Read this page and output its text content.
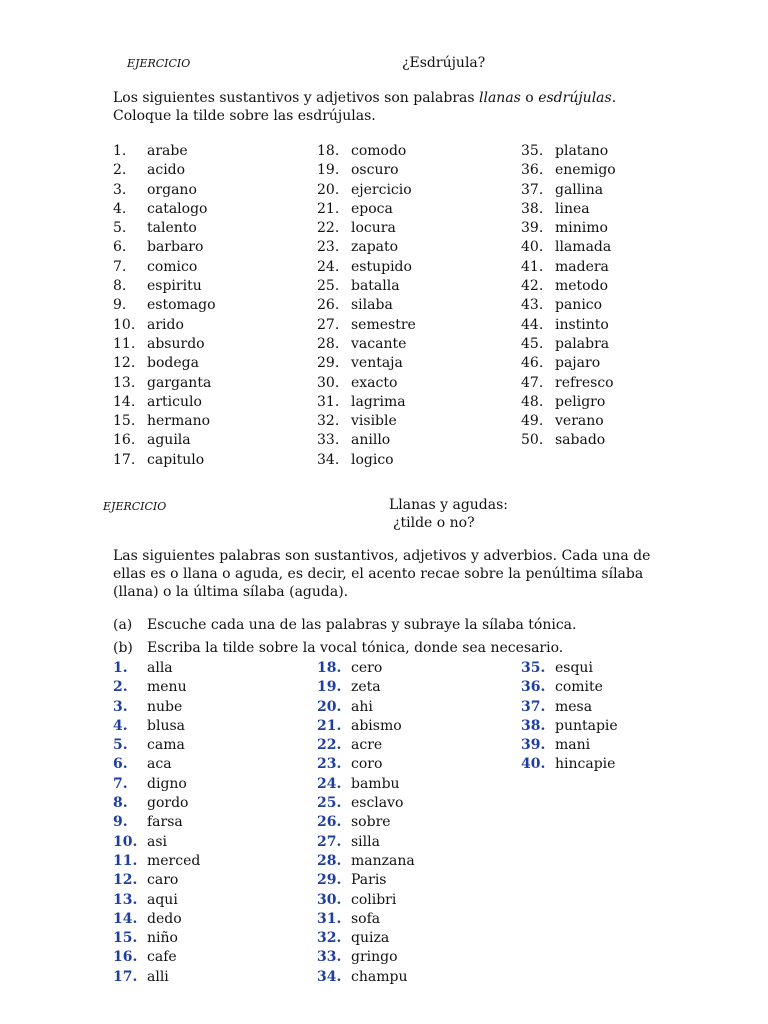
EJERCICIO	¿Esdrújula?
Los siguientes sustantivos y adjetivos son palabras llanas o esdrújulas. Coloque la tilde sobre las esdrújulas.
1. arabe
2. acido
3. organo
4. catalogo
5. talento
6. barbaro
7. comico
8. espiritu
9. estomago
10. arido
11. absurdo
12. bodega
13. garganta
14. articulo
15. hermano
16. aguila
17. capitulo
18. comodo
19. oscuro
20. ejercicio
21. epoca
22. locura
23. zapato
24. estupido
25. batalla
26. silaba
27. semestre
28. vacante
29. ventaja
30. exacto
31. lagrima
32. visible
33. anillo
34. logico
35. platano
36. enemigo
37. gallina
38. linea
39. minimo
40. llamada
41. madera
42. metodo
43. panico
44. instinto
45. palabra
46. pajaro
47. refresco
48. peligro
49. verano
50. sabado
EJERCICIO	Llanas y agudas:
¿tilde o no?
Las siguientes palabras son sustantivos, adjetivos y adverbios. Cada una de ellas es o llana o aguda, es decir, el acento recae sobre la penúltima sílaba (llana) o la última sílaba (aguda).
(a) Escuche cada una de las palabras y subraye la sílaba tónica.
(b) Escriba la tilde sobre la vocal tónica, donde sea necesario.
1. alla
2. menu
3. nube
4. blusa
5. cama
6. aca
7. digno
8. gordo
9. farsa
10. asi
11. merced
12. caro
13. aqui
14. dedo
15. niño
16. cafe
17. alli
18. cero
19. zeta
20. ahi
21. abismo
22. acre
23. coro
24. bambu
25. esclavo
26. sobre
27. silla
28. manzana
29. Paris
30. colibri
31. sofa
32. quiza
33. gringo
34. champu
35. esqui
36. comite
37. mesa
38. puntapie
39. mani
40. hincapie
